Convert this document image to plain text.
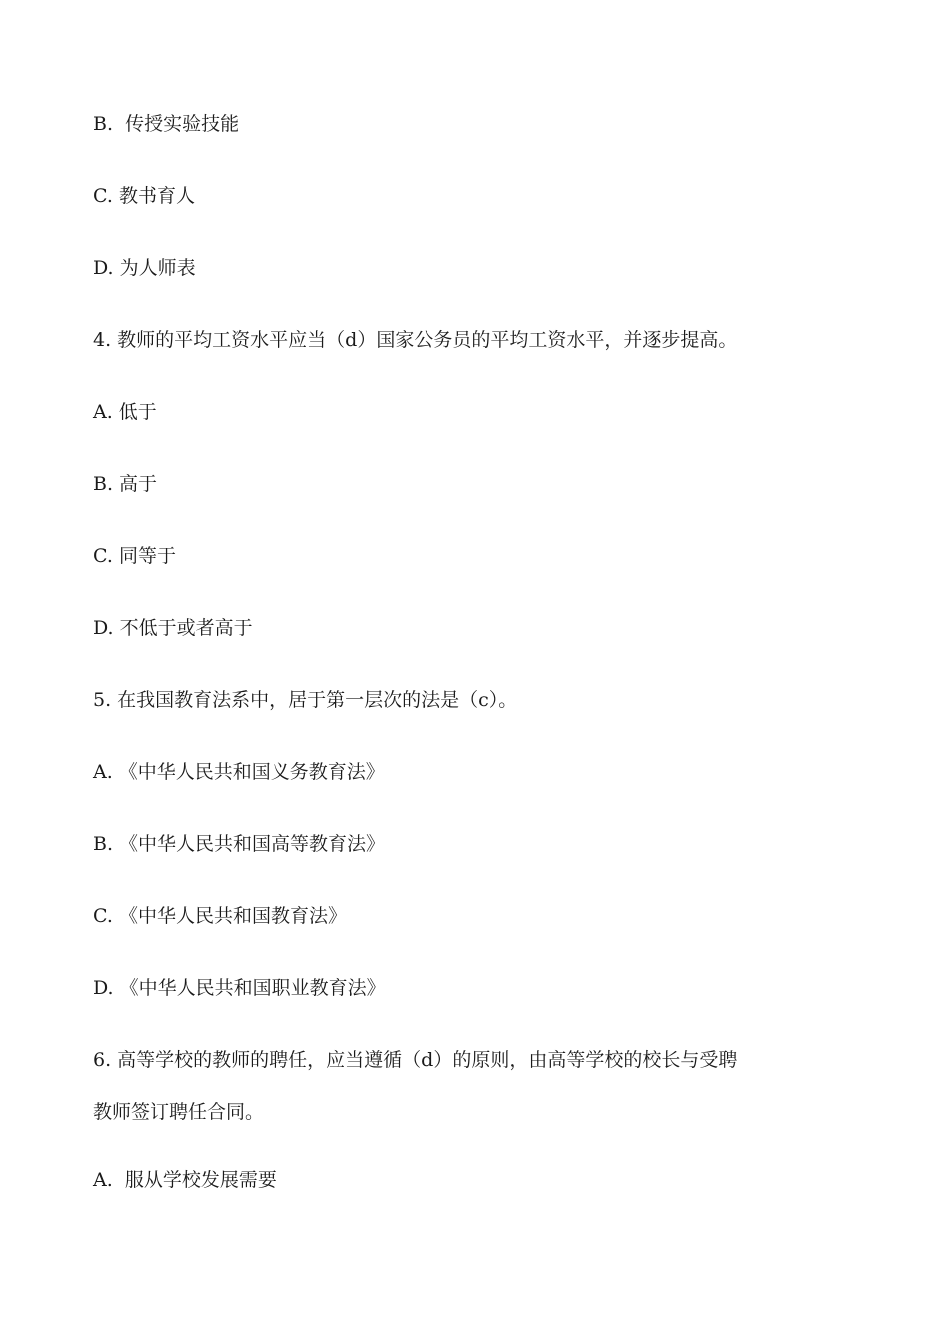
B.  传授实验技能

C. 教书育人

D. 为人师表

4. 教师的平均工资水平应当（d）国家公务员的平均工资水平，并逐步提高。

A. 低于

B. 高于

C. 同等于

D. 不低于或者高于

5. 在我国教育法系中，居于第一层次的法是（c）。

A. 《中华人民共和国义务教育法》

B. 《中华人民共和国高等教育法》

C. 《中华人民共和国教育法》

D. 《中华人民共和国职业教育法》

6. 高等学校的教师的聘任，应当遵循（d）的原则，由高等学校的校长与受聘

教师签订聘任合同。

A.  服从学校发展需要
